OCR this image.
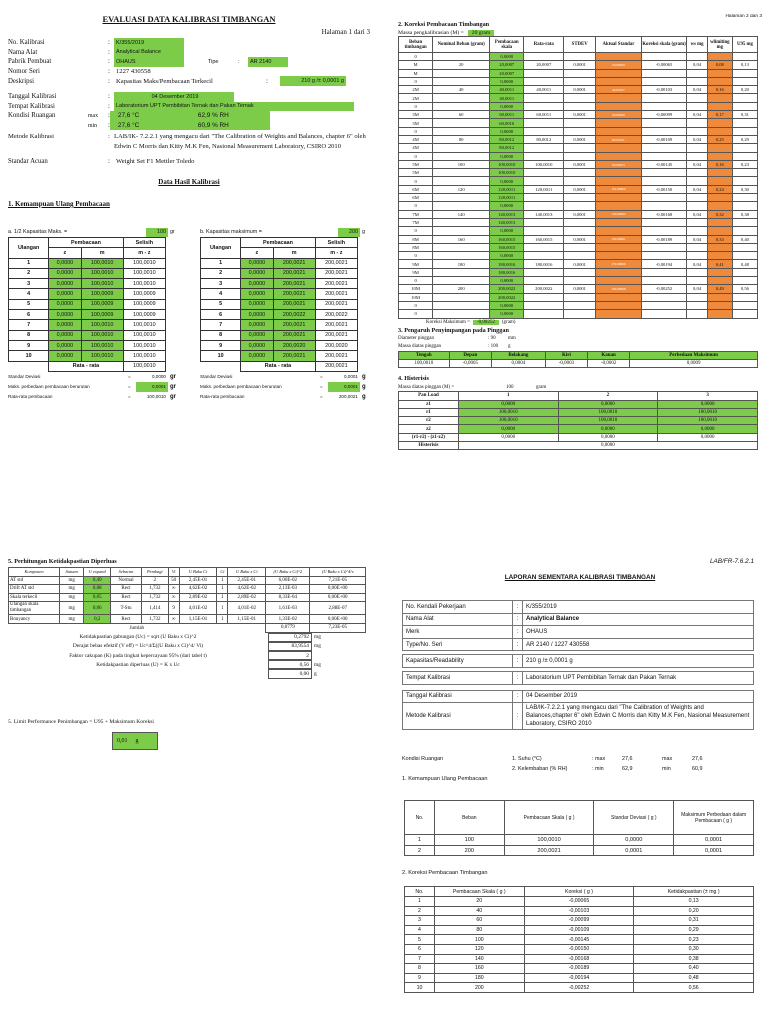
EVALUASI DATA KALIBRASI TIMBANGAN
Halaman 1 dari 3
No. Kalibrasi	:	K/355/2019
Nama Alat	:	Analytical Balance
Pabrik Pembuat	:	OHAUS	Tipe	:	AR 2140
Nomor Seri	: 1227 430558
Deskripsi	: Kapasitas Maks/Pembacaan Terkecil	:	210 g /± 0,0001 g
Tanggal Kalibrasi	:	04 Desember 2019
Tempat Kalibrasi	:	Laboratorium UPT Pembibitan Ternak dan Pakan Ternak
Kondisi Ruangan	max	27,6 °C	62,9 % RH
min	27,6 °C	60,9 % RH
Metode Kalibrasi	: LAB/IK- 7.2.2.1 yang mengacu dari "The Calibration of Weights and Balances, chapter 6" oleh Edwin C Morris dan Kitty M.K Fen, Nasional Measurement Laboratory, CSIRO 2010
Standar Acuan	: Weight Set F1 Mettler Toledo
Data Hasil Kalibrasi
1. Kemampuan Ulang Pembacaan
a. 1/2 Kapasitas Maks. =	100 gr
Ulangan	Pembacaan		Selisih
	z	m	m - z
1	0,0000	100,0010	100,0010
2	0,0000	100,0010	100,0010
3	0,0000	100,0010	100,0010
4	0,0000	100,0009	100,0009
5	0,0000	100,0009	100,0009
6	0,0000	100,0009	100,0009
7	0,0000	100,0010	100,0010
8	0,0000	100,0010	100,0010
9	0,0000	100,0010	100,0010
10	0,0000	100,0010	100,0010
	Rata - rata		100,0010
Standar Deviasi	=	0,0000 gr
Maks. perbedaan pembacaan berurutan	=	0,0001 gr
Rata-rata pembacaan	=	100,0010 gr
b. Kapasitas maksimum =	200 g
Ulangan	Pembacaan		Selisih
	z	m	m - z
1	0,0000	200,0021	200,0021
2	0,0000	200,0021	200,0021
3	0,0000	200,0021	200,0021
4	0,0000	200,0021	200,0021
5	0,0000	200,0021	200,0021
6	0,0000	200,0022	200,0022
7	0,0000	200,0021	200,0021
8	0,0000	200,0021	200,0021
9	0,0000	200,0020	200,0020
10	0,0000	200,0021	200,0021
	Rata - rata		200,0021
Standar Deviasi	=	0,0001 g
Maks. perbedaan pembacaan berurutan	=	0,0001 g
Rata-rata pembacaan	=	200,0021 g
Halaman 2 dari 3
2. Koreksi Pembacaan Timbangan
Massa pengkalibrasian (M) =	20 gram
Beban timbangan	Nominal Beban (gram)	Pembacaan skala	Rata-rata	STDEV	Aktual Standar	Koreksi skala (gram)	ws mg	wlimiting mg	U95 mg
0		0,0000							
M	20	20,0007	20,0007	0,0001	20,00069	-0,00065	0,04	0,08	0,13
M		20,0007							
0		0,0000							
2M	40	40,0011	40,0011	0,0001	40,00107	-0,00103	0,04	0,16	0,20
2M		40,0011							
0		0,0000							
3M	60	60,0011	60,0011	0,0001	60,00006	-0,00099	0,04	0,17	0,31
3M		60,0010							
0		0,0000							
4M	80	80,0012	80,0012	0,0001	80,00011	-0,00109	0,04	0,25	0,29
4M		80,0012							
0		0,0000							
5M	100	100,0010	100,0010	0,0001	99,99955	-0,00145	0,04	0,16	0,23
5M		100,0010							
0		0,0000							
6M	120	120,0011	120,0011	0,0001	119,99960	-0,00150	0,04	0,24	0,30
6M		120,0011							
0		0,0000							
7M	140	140,0013	140,0013	0,0001	139,99962	-0,00168	0,04	0,32	0,38
7M		140,0013							
0		0,0000							
8M	160	160,0015	160,0015	0,0001	159,99961	-0,00189	0,04	0,33	0,40
8M		160,0015							
0		0,0000							
9M	180	180,0016	180,0016	0,0001	179,99966	-0,00194	0,04	0,41	0,48
9M		180,0016							
0		0,0000							
10M	200	200,0022	200,0022	0,0001	199,99968	-0,00252	0,04	0,49	0,56
10M		200,0022							
0		0,0000							
0		0,0000							
Koreksi Maksimum =	-0,00252	(gram)
3. Pengaruh Penyimpangan pada Pinggan
Diameter pinggan	: 90	mm
Massa diatas pinggan	: 100	g
Tengah	Depan	Belakang	Kiri	Kanan	Perbedaan Maksimum
100,0010	-0,0005	0,0004	-0,0003	-0,0002	0,0009
4. Histerisis
Massa diatas pinggan (M) =	100	gram
Pan Load	1	2	3
z1	0,0000	0,0000	0,0000
r1	100,0010	100,0010	100,0010
r2	100,0010	100,0010	100,0010
z2	0,0000	0,0000	0,0000
(r1-r2) - (z1-z2)	0,0000	0,0000	0,0000
Histerisis	0,0000		
5. Perhitungan Ketidakpastian Diperluas
Komponen	Satuan	U expand	Sebaran	Pembagi	Vi	U Baku Ci	Ci	U Baku x Ci	(U Baku x Ci)^2	(U Baku x Ci)^4/v
AT std	mg	0,49	Normal	2	50	2,45E-01	1	2,45E-01	6,00E-02	7,21E-05
Drift AT std	mg	0,08	Rect	1,732	∞	4,62E-02	1	4,62E-02	2,13E-03	0,00E+00
Skala terkecil	mg	0,05	Rect	1,732	∞	2,89E-02	1	2,89E-02	8,33E-04	0,00E+00
Ulangan skala timbangan	mg	0,06	T-Stu	1,414	9	4,01E-02	1	4,01E-02	1,61E-03	2,88E-07
Bouyancy	mg	0,2	Rect	1,732	∞	1,15E-01	1	1,15E-01	1,33E-02	0,00E+00
Jumlah									0,0779	7,23E-05
Ketidakpastian gabungan (Uc) = sqrt (U Baku x Ci)^2	0,2792 mg
Derajat bebas efektif (V eff) = Uc^4/Σ((U Baku x Ci)^4/ Vi)	83,9554 mg
Faktor cakupan (K) pada tingkat kepercayaan 95% (dari tabel t)	2
Ketidakpastian diperluas (U) = K x Uc	0,56 mg
0,00 g
5. Limit Performance Penimbangan = U95 + Maksimum Koreksi
0,01 g
LAB/FR-7.6.2.1
LAPORAN SEMENTARA KALIBRASI TIMBANGAN
No. Kendali Pekerjaan	:	K/355/2019
Nama Alat	:	Analytical Balance
Merk	:	OHAUS
Type/No. Seri	:	AR 2140 / 1227 430558

Kapasitas/Readability	:	210 g /± 0,0001 g

Tempat Kalibrasi	:	Laboratorium UPT Pembibitan Ternak dan Pakan Ternak

Tanggal Kalibrasi	:	04 Desember 2019
Metode Kalibrasi	:	LAB/IK-7.2.2.1 yang mengacu dari "The Calibration of Weights and Balances,chapter 6" oleh Edwin C Morris dan Kitty M.K Fen, Nasional Measurement Laboratory, CSIRO 2010
Kondisi Ruangan	1. Suhu (°C)	: max	27,6	max	27,6
2. Kelembaban (% RH)	: min	62,9	min	60,9
1. Kemampuan Ulang Pembacaan
No.	Beban	Pembacaan Skala ( g )	Standar Deviasi ( g )	Maksimum Perbedaan dalam Pembacaan ( g )
1	100	100,0010	0,0000	0,0001
2	200	200,0021	0,0001	0,0001
2. Koreksi Pembacaan Timbangan
No.	Pembacaan Skala ( g )	Koreksi ( g )	Ketidakpastian (± mg )
1	20	-0,00065	0,13
2	40	-0,00103	0,20
3	60	-0,00099	0,31
4	80	-0,00109	0,29
5	100	-0,00145	0,23
6	120	-0,00150	0,30
7	140	-0,00168	0,38
8	160	-0,00189	0,40
9	180	-0,00194	0,48
10	200	-0,00252	0,56
